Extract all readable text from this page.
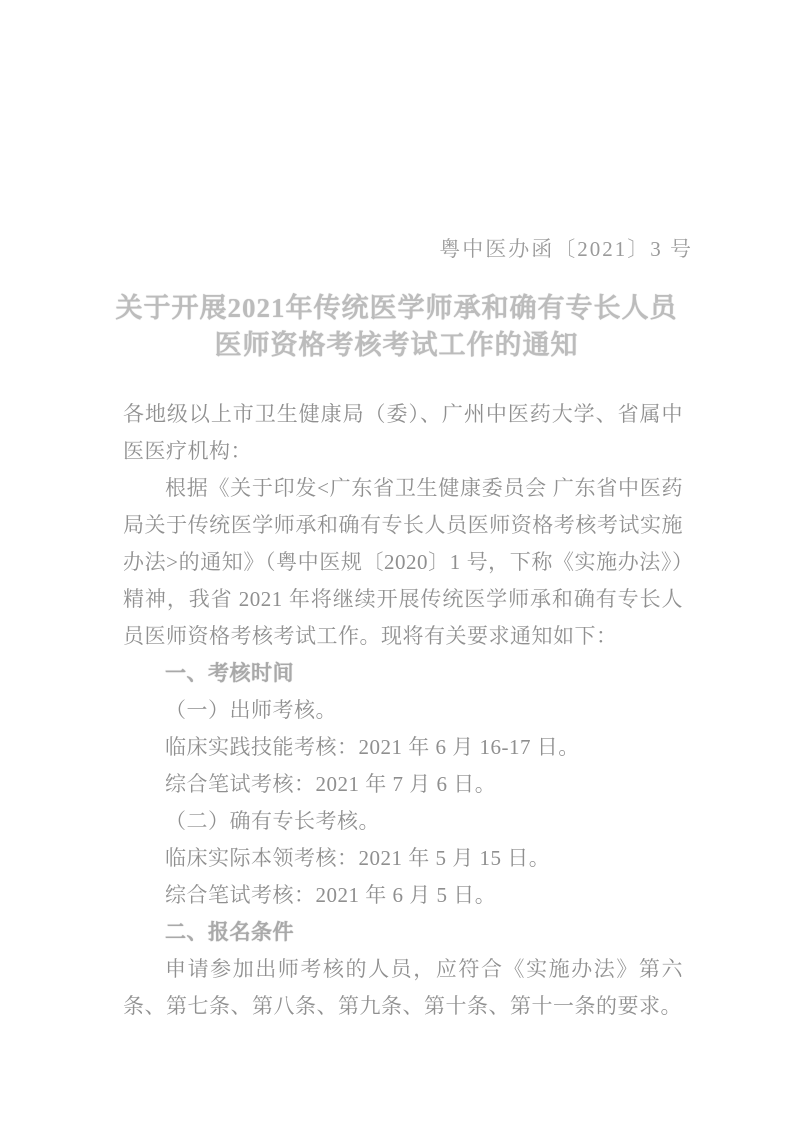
粤中医办函〔2021〕3 号
关于开展2021年传统医学师承和确有专长人员
医师资格考核考试工作的通知

各地级以上市卫生健康局（委）、广州中医药大学、省属中医医疗机构：

根据《关于印发<广东省卫生健康委员会 广东省中医药局关于传统医学师承和确有专长人员医师资格考核考试实施办法>的通知》（粤中医规〔2020〕1 号，下称《实施办法》）精神，我省 2021 年将继续开展传统医学师承和确有专长人员医师资格考核考试工作。现将有关要求通知如下：

一、考核时间

（一）出师考核。

临床实践技能考核：2021 年 6 月 16-17 日。

综合笔试考核：2021 年 7 月 6 日。

（二）确有专长考核。

临床实际本领考核：2021 年 5 月 15 日。

综合笔试考核：2021 年 6 月 5 日。

二、报名条件

申请参加出师考核的人员，应符合《实施办法》第六条、第七条、第八条、第九条、第十条、第十一条的要求。
